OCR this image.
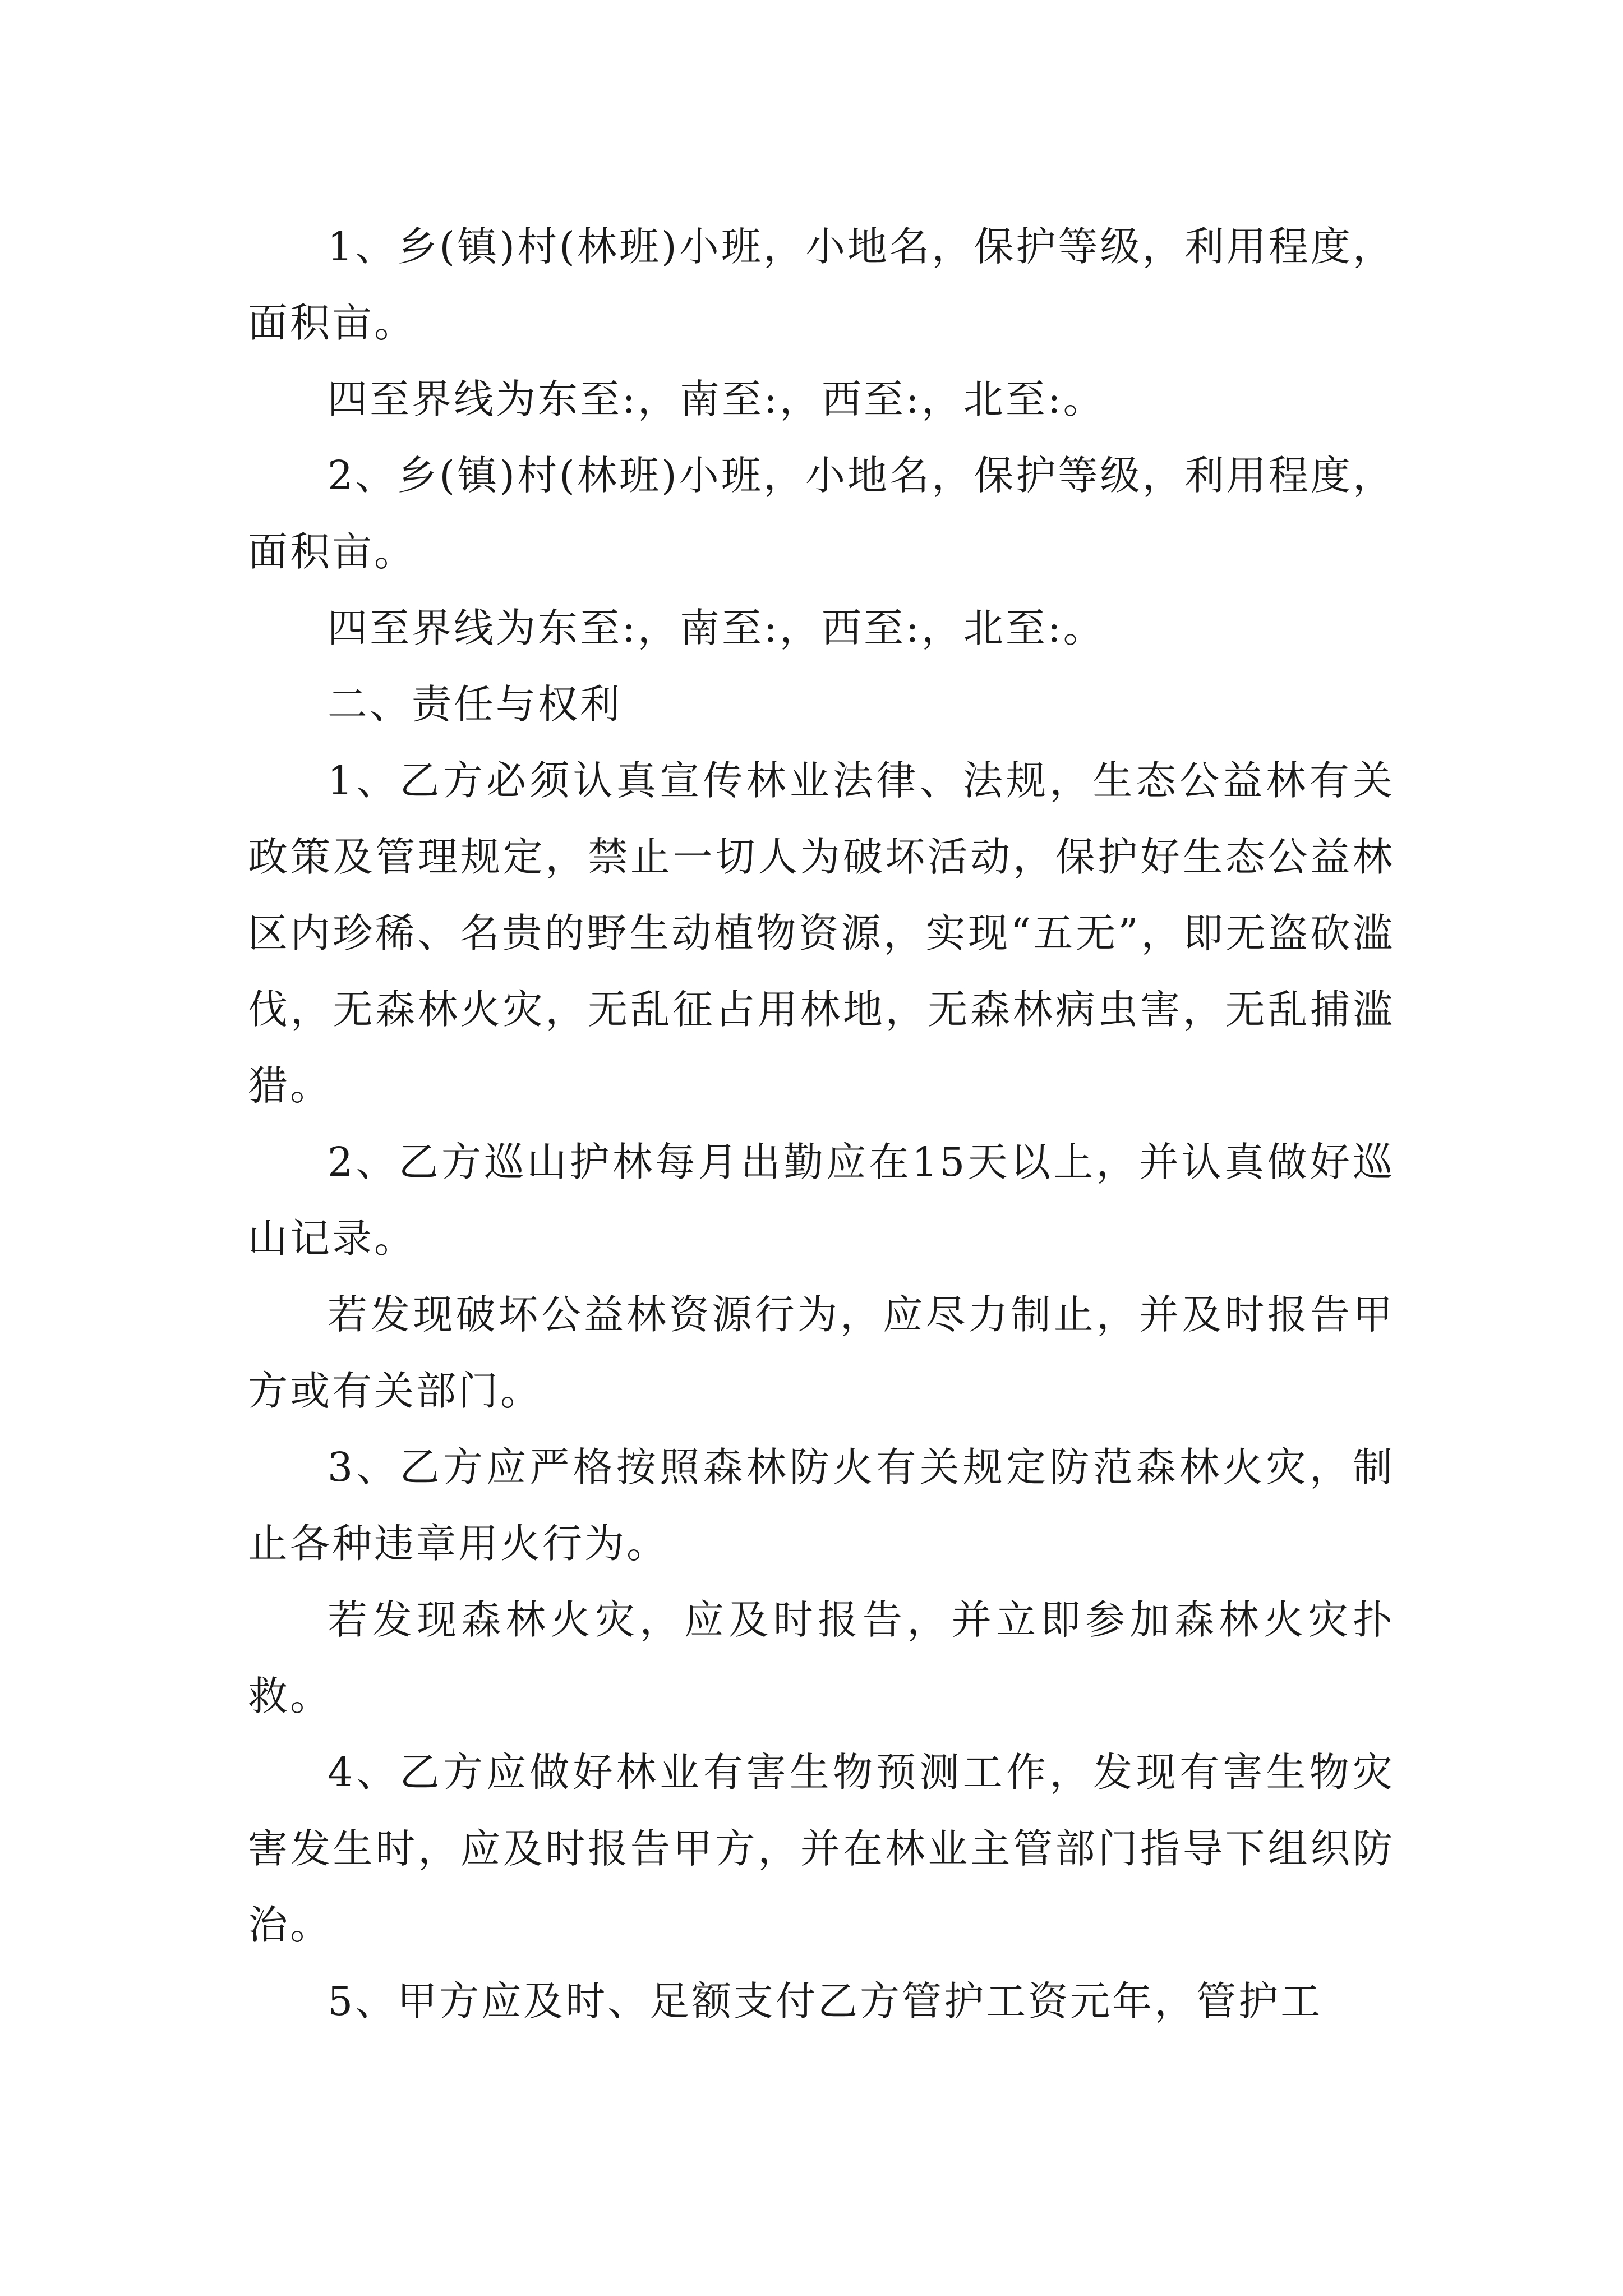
1、乡(镇)村(林班)小班，小地名，保护等级，利用程度，面积亩。

四至界线为东至:，南至:，西至:，北至:。

2、乡(镇)村(林班)小班，小地名，保护等级，利用程度，面积亩。

四至界线为东至:，南至:，西至:，北至:。

二、责任与权利

1、乙方必须认真宣传林业法律、法规，生态公益林有关政策及管理规定，禁止一切人为破坏活动，保护好生态公益林区内珍稀、名贵的野生动植物资源，实现“五无”，即无盗砍滥伐，无森林火灾，无乱征占用林地，无森林病虫害，无乱捕滥猎。

2、乙方巡山护林每月出勤应在15天以上，并认真做好巡山记录。

若发现破坏公益林资源行为，应尽力制止，并及时报告甲方或有关部门。

3、乙方应严格按照森林防火有关规定防范森林火灾，制止各种违章用火行为。

若发现森林火灾，应及时报告，并立即参加森林火灾扑救。

4、乙方应做好林业有害生物预测工作，发现有害生物灾害发生时，应及时报告甲方，并在林业主管部门指导下组织防治。

5、甲方应及时、足额支付乙方管护工资元年，管护工
